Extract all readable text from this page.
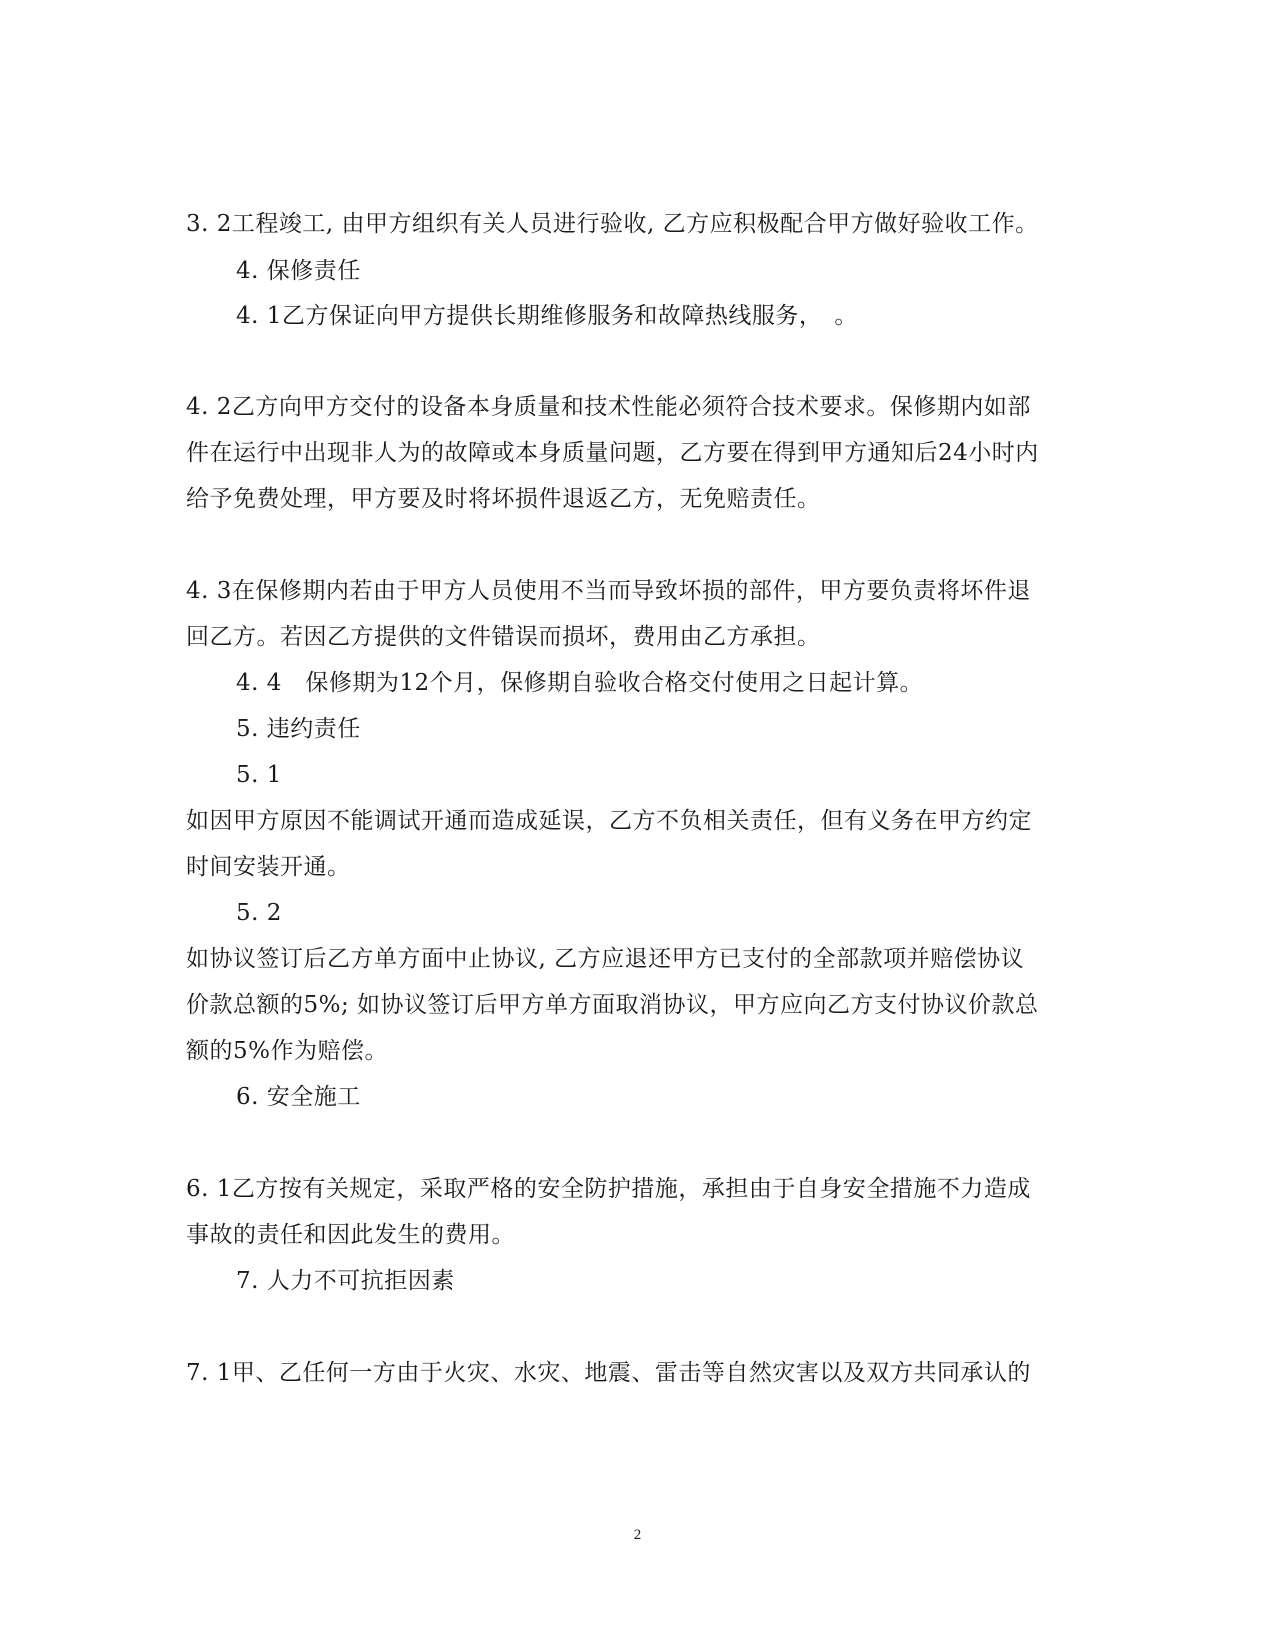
3. 2工程竣工, 由甲方组织有关人员进行验收, 乙方应积极配合甲方做好验收工作。
4. 保修责任
4. 1乙方保证向甲方提供长期维修服务和故障热线服务，　。
4. 2乙方向甲方交付的设备本身质量和技术性能必须符合技术要求。保修期内如部
件在运行中出现非人为的故障或本身质量问题，乙方要在得到甲方通知后24小时内
给予免费处理，甲方要及时将坏损件退返乙方，无免赔责任。
4. 3在保修期内若由于甲方人员使用不当而导致坏损的部件，甲方要负责将坏件退
回乙方。若因乙方提供的文件错误而损坏，费用由乙方承担。
4. 4　保修期为12个月，保修期自验收合格交付使用之日起计算。
5. 违约责任
5. 1
如因甲方原因不能调试开通而造成延误，乙方不负相关责任，但有义务在甲方约定
时间安装开通。
5. 2
如协议签订后乙方单方面中止协议, 乙方应退还甲方已支付的全部款项并赔偿协议
价款总额的5%; 如协议签订后甲方单方面取消协议，甲方应向乙方支付协议价款总
额的5%作为赔偿。
6. 安全施工
6. 1乙方按有关规定，采取严格的安全防护措施，承担由于自身安全措施不力造成
事故的责任和因此发生的费用。
7. 人力不可抗拒因素
7. 1甲、乙任何一方由于火灾、水灾、地震、雷击等自然灾害以及双方共同承认的
2
